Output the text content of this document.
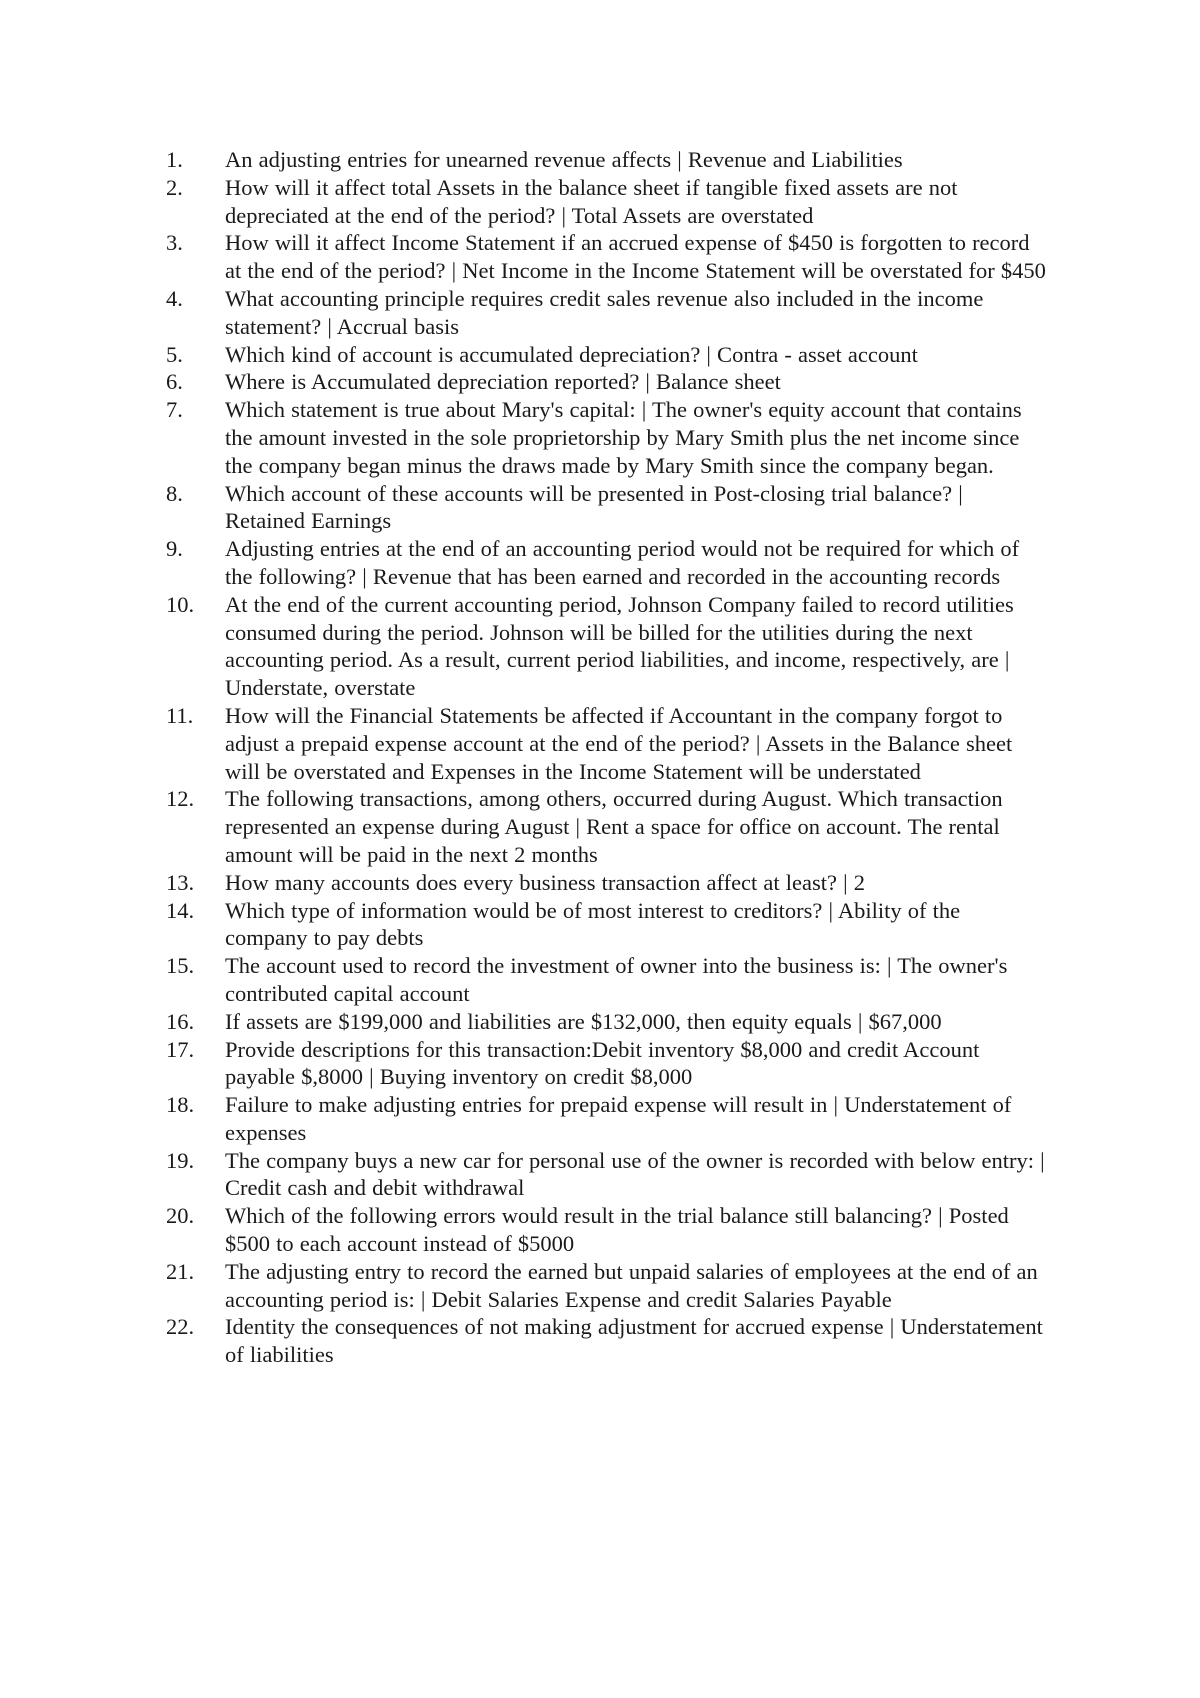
1.	An adjusting entries for unearned revenue affects | Revenue and Liabilities
2.	How will it affect total Assets in the balance sheet if tangible fixed assets are not depreciated at the end of the period? | Total Assets are overstated
3.	How will it affect Income Statement if an accrued expense of $450 is forgotten to record at the end of the period? | Net Income in the Income Statement will be overstated for $450
4.	What accounting principle requires credit sales revenue also included in the income statement? | Accrual basis
5.	Which kind of account is accumulated depreciation? | Contra - asset account
6.	Where is Accumulated depreciation reported? | Balance sheet
7.	Which statement is true about Mary's capital: | The owner's equity account that contains the amount invested in the sole proprietorship by Mary Smith plus the net income since the company began minus the draws made by Mary Smith since the company began.
8.	Which account of these accounts will be presented in Post-closing trial balance? | Retained Earnings
9.	Adjusting entries at the end of an accounting period would not be required for which of the following? | Revenue that has been earned and recorded in the accounting records
10.	At the end of the current accounting period, Johnson Company failed to record utilities consumed during the period. Johnson will be billed for the utilities during the next accounting period. As a result, current period liabilities, and income, respectively, are | Understate, overstate
11.	How will the Financial Statements be affected if Accountant in the company forgot to adjust a prepaid expense account at the end of the period? | Assets in the Balance sheet will be overstated and Expenses in the Income Statement will be understated
12.	The following transactions, among others, occurred during August. Which transaction represented an expense during August | Rent a space for office on account. The rental amount will be paid in the next 2 months
13.	How many accounts does every business transaction affect at least? | 2
14.	Which type of information would be of most interest to creditors? | Ability of the company to pay debts
15.	The account used to record the investment of owner into the business is: | The owner's contributed capital account
16.	If assets are $199,000 and liabilities are $132,000, then equity equals | $67,000
17.	Provide descriptions for this transaction:Debit inventory $8,000 and credit Account payable $,8000 | Buying inventory on credit $8,000
18.	Failure to make adjusting entries for prepaid expense will result in | Understatement of expenses
19.	The company buys a new car for personal use of the owner is recorded with below entry: | Credit cash and debit withdrawal
20.	Which of the following errors would result in the trial balance still balancing? | Posted $500 to each account instead of $5000
21.	The adjusting entry to record the earned but unpaid salaries of employees at the end of an accounting period is: | Debit Salaries Expense and credit Salaries Payable
22.	Identity the consequences of not making adjustment for accrued expense | Understatement of liabilities
